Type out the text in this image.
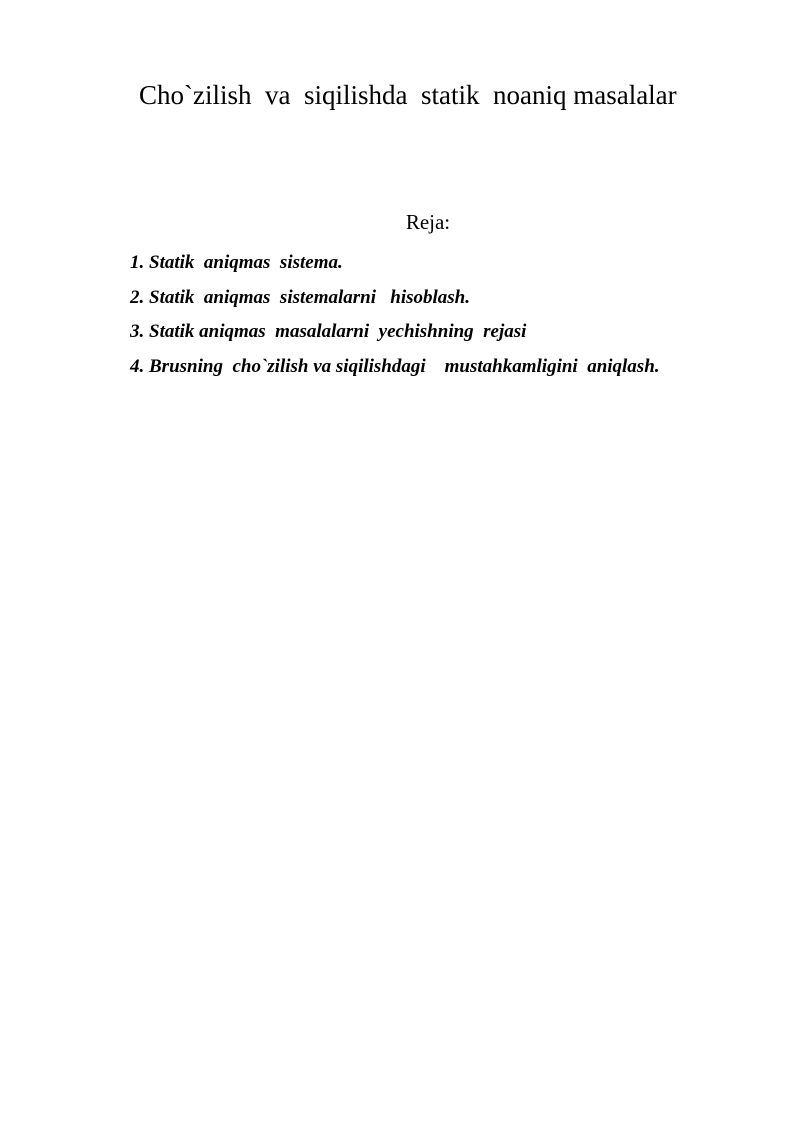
Cho`zilish  va  siqilishda  statik  noaniq masalalar
Reja:
1. Statik  aniqmas  sistema.
2. Statik  aniqmas  sistemalarni   hisoblash.
3. Statik aniqmas  masalalarni  yechishning  rejasi
4. Brusning  cho`zilish va siqilishdagi    mustahkamligini  aniqlash.
